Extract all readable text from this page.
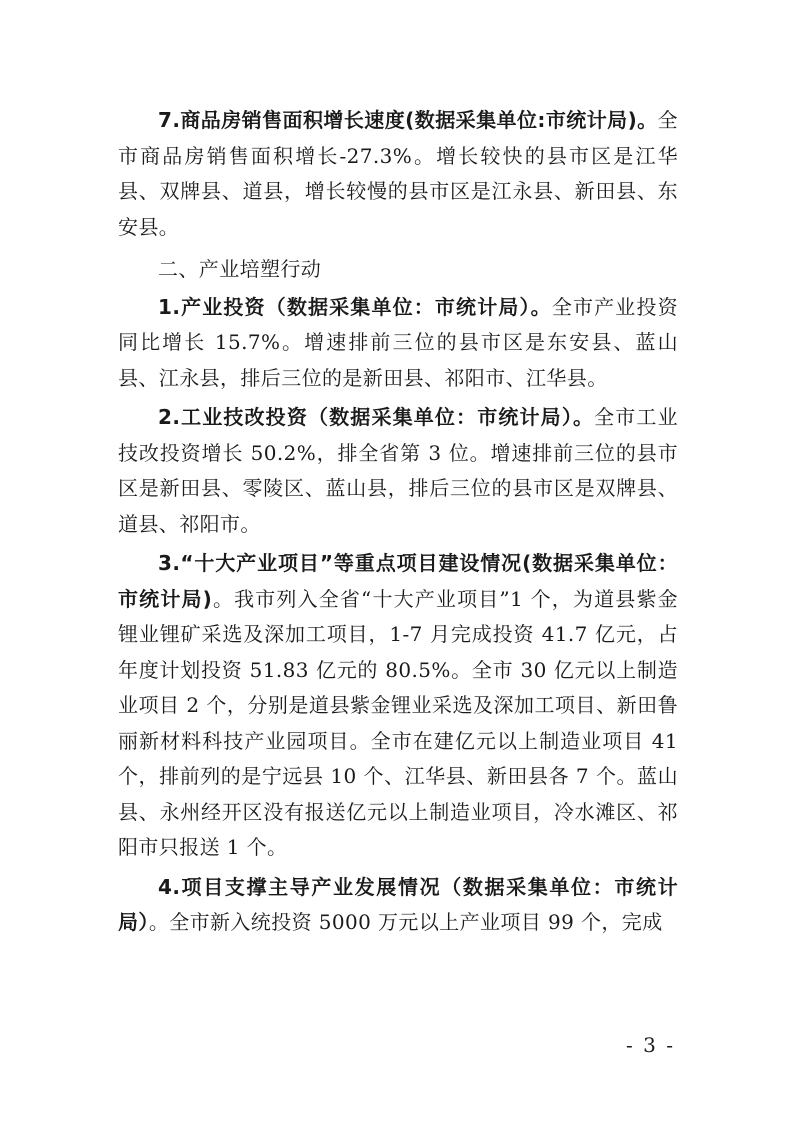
7.商品房销售面积增长速度(数据采集单位:市统计局)。全市商品房销售面积增长-27.3%。增长较快的县市区是江华县、双牌县、道县，增长较慢的县市区是江永县、新田县、东安县。

二、产业培塑行动

1.产业投资（数据采集单位：市统计局）。全市产业投资同比增长 15.7%。增速排前三位的县市区是东安县、蓝山县、江永县，排后三位的是新田县、祁阳市、江华县。

2.工业技改投资（数据采集单位：市统计局）。全市工业技改投资增长 50.2%，排全省第 3 位。增速排前三位的县市区是新田县、零陵区、蓝山县，排后三位的县市区是双牌县、道县、祁阳市。

3.“十大产业项目”等重点项目建设情况(数据采集单位：市统计局)。我市列入全省“十大产业项目”1 个，为道县紫金锂业锂矿采选及深加工项目，1-7 月完成投资 41.7 亿元，占年度计划投资 51.83 亿元的 80.5%。全市 30 亿元以上制造业项目 2 个，分别是道县紫金锂业采选及深加工项目、新田鲁丽新材料科技产业园项目。全市在建亿元以上制造业项目 41 个，排前列的是宁远县 10 个、江华县、新田县各 7 个。蓝山县、永州经开区没有报送亿元以上制造业项目，冷水滩区、祁阳市只报送 1 个。

4.项目支撑主导产业发展情况（数据采集单位：市统计局）。全市新入统投资 5000 万元以上产业项目 99 个，完成

- 3 -
